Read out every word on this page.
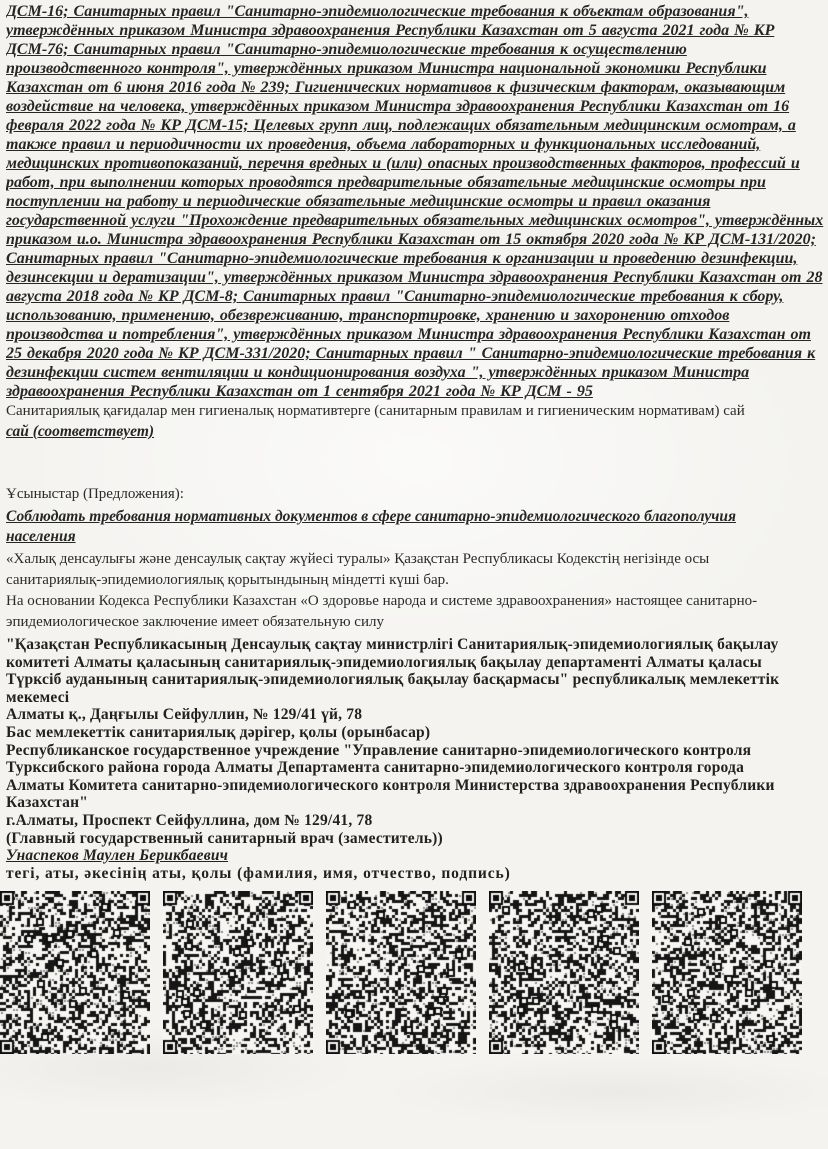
ДСМ-16; Санитарных правил "Санитарно-эпидемиологические требования к объектам образования", утверждённых приказом Министра здравоохранения Республики Казахстан от 5 августа 2021 года № КР ДСМ-76; Санитарных правил "Санитарно-эпидемиологические требования к осуществлению производственного контроля", утверждённых приказом Министра национальной экономики Республики Казахстан от 6 июня 2016 года № 239; Гигиенических нормативов к физическим факторам, оказывающим воздействие на человека, утверждённых приказом Министра здравоохранения Республики Казахстан от 16 февраля 2022 года № КР ДСМ-15; Целевых групп лиц, подлежащих обязательным медицинским осмотрам, а также правил и периодичности их проведения, объема лабораторных и функциональных исследований, медицинских противопоказаний, перечня вредных и (или) опасных производственных факторов, профессий и работ, при выполнении которых проводятся предварительные обязательные медицинские осмотры при поступлении на работу и периодические обязательные медицинские осмотры и правил оказания государственной услуги "Прохождение предварительных обязательных медицинских осмотров", утверждённых приказом и.о. Министра здравоохранения Республики Казахстан от 15 октября 2020 года № КР ДСМ-131/2020; Санитарных правил "Санитарно-эпидемиологические требования к организации и проведению дезинфекции, дезинсекции и дератизации", утверждённых приказом Министра здравоохранения Республики Казахстан от 28 августа 2018 года № КР ДСМ-8; Санитарных правил "Санитарно-эпидемиологические требования к сбору, использованию, применению, обезвреживанию, транспортировке, хранению и захоронению отходов производства и потребления", утверждённых приказом Министра здравоохранения Республики Казахстан от 25 декабря 2020 года № КР ДСМ-331/2020; Санитарных правил " Санитарно-эпидемиологические требования к дезинфекции систем вентиляции и кондиционирования воздуха ", утверждённых приказом Министра здравоохранения Республики Казахстан от 1 сентября 2021 года № КР ДСМ - 95
Санитариялық қағидалар мен гигиеналық нормативтерге (санитарным правилам и гигиеническим нормативам) сай
сай (соответствует)
Ұсыныстар (Предложения):
Соблюдать требования нормативных документов в сфере санитарно-эпидемиологического благополучия населения
«Халық денсаулығы және денсаулық сақтау жүйесі туралы» Қазақстан Республикасы Кодекстің негізінде осы санитариялық-эпидемиологиялық қорытындының міндетті күші бар.
На основании Кодекса Республики Казахстан «О здоровье народа и системе здравоохранения» настоящее санитарно-эпидемиологическое заключение имеет обязательную силу
"Қазақстан Республикасының Денсаулық сақтау министрлігі Санитариялық-эпидемиологиялық бақылау комитеті Алматы қаласының санитариялық-эпидемиологиялық бақылау департаменті Алматы қаласы Түрксіб ауданының санитариялық-эпидемиологиялық бақылау басқармасы" республикалық мемлекеттік мекемесі
Алматы қ., Даңғылы Сейфуллин, № 129/41 үй, 78
Бас мемлекеттік санитариялық дәрігер, қолы (орынбасар)
Республиканское государственное учреждение "Управление санитарно-эпидемиологического контроля Турксибского района города Алматы Департамента санитарно-эпидемиологического контроля города Алматы Комитета санитарно-эпидемиологического контроля Министерства здравоохранения Республики Казахстан"
г.Алматы, Проспект Сейфуллина, дом № 129/41, 78
(Главный государственный санитарный врач (заместитель))
Унаспеков Маулен Берикбаевич
тегі, аты, әкесінің аты, қолы (фамилия, имя, отчество, подпись)
